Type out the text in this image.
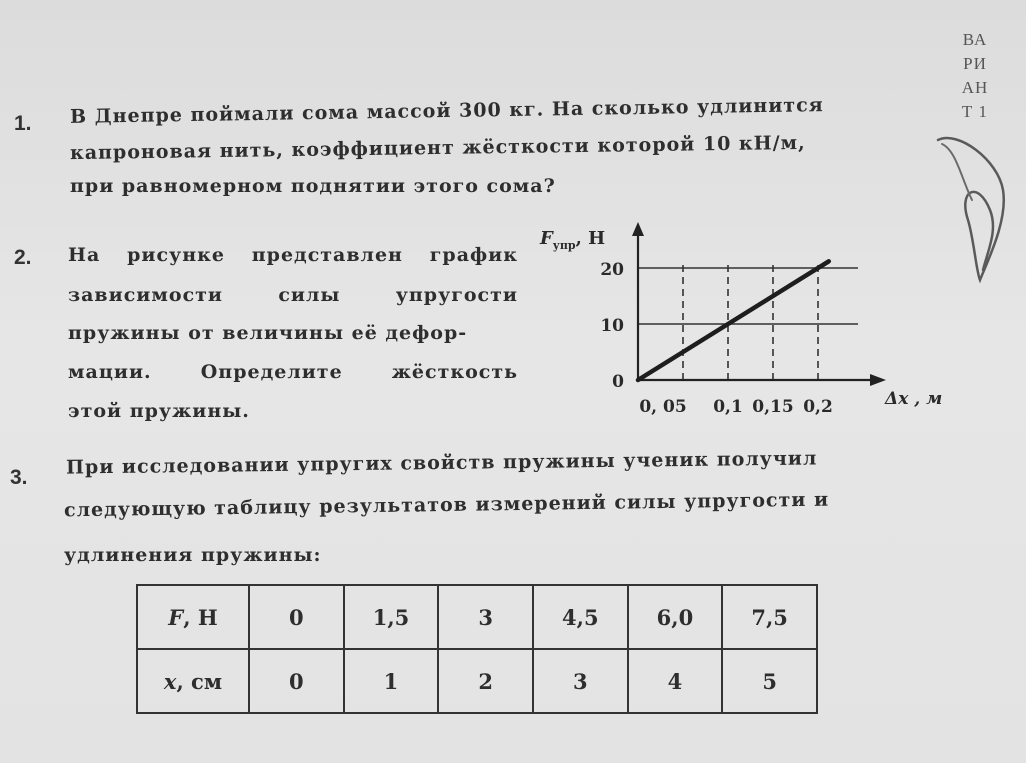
ВА
РИ
АН
Т 1
1. В Днепре поймали сома массой 300 кг. На сколько удлинится
капроновая нить, коэффициент жёсткости которой 10 кН/м,
при равномерном поднятии этого сома?
2. На рисунке представлен график
зависимости	силы	упругости
пружины от величины её дефор-
мации.	Определите	жёсткость
этой пружины.
0
10
20
0, 05 0,1 0,15 0,2
$F_{упр}$, Н
Δx , м
3. При исследовании упругих свойств пружины ученик получил
следующую таблицу результатов измерений силы упругости и
удлинения пружины:
F, Н	0	1,5	3	4,5	6,0	7,5
x, см	0	1	2	3	4	5
